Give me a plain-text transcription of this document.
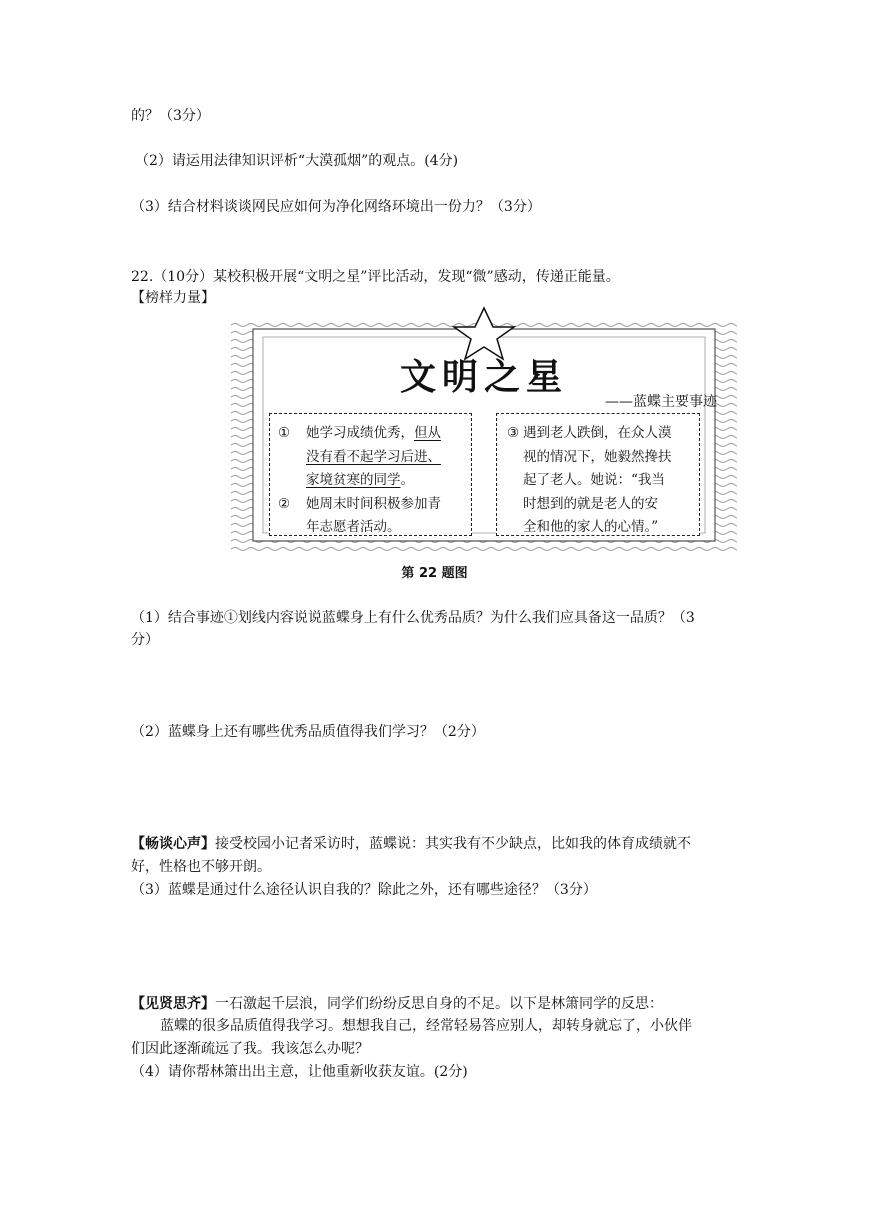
的？（3分）
（2）请运用法律知识评析“大漠孤烟”的观点。(4分)
（3）结合材料谈谈网民应如何为净化网络环境出一份力？（3分）
22.（10分）某校积极开展“文明之星”评比活动，发现“微”感动，传递正能量。
【榜样力量】
文明之星
——蓝蝶主要事迹
①	她学习成绩优秀，但从
没有看不起学习后进、
家境贫寒的同学。
②	她周末时间积极参加青
年志愿者活动。
③ 遇到老人跌倒，在众人漠
视的情况下，她毅然搀扶
起了老人。她说：“我当
时想到的就是老人的安
全和他的家人的心情。”
第 22 题图
（1）结合事迹①划线内容说说蓝蝶身上有什么优秀品质？为什么我们应具备这一品质？（3
分）
（2）蓝蝶身上还有哪些优秀品质值得我们学习？（2分）
【畅谈心声】接受校园小记者采访时，蓝蝶说：其实我有不少缺点，比如我的体育成绩就不
好，性格也不够开朗。
（3）蓝蝶是通过什么途径认识自我的？除此之外，还有哪些途径？（3分）
【见贤思齐】一石激起千层浪，同学们纷纷反思自身的不足。以下是林箫同学的反思：
蓝蝶的很多品质值得我学习。想想我自己，经常轻易答应别人，却转身就忘了，小伙伴
们因此逐渐疏远了我。我该怎么办呢？
（4）请你帮林箫出出主意，让他重新收获友谊。(2分)
